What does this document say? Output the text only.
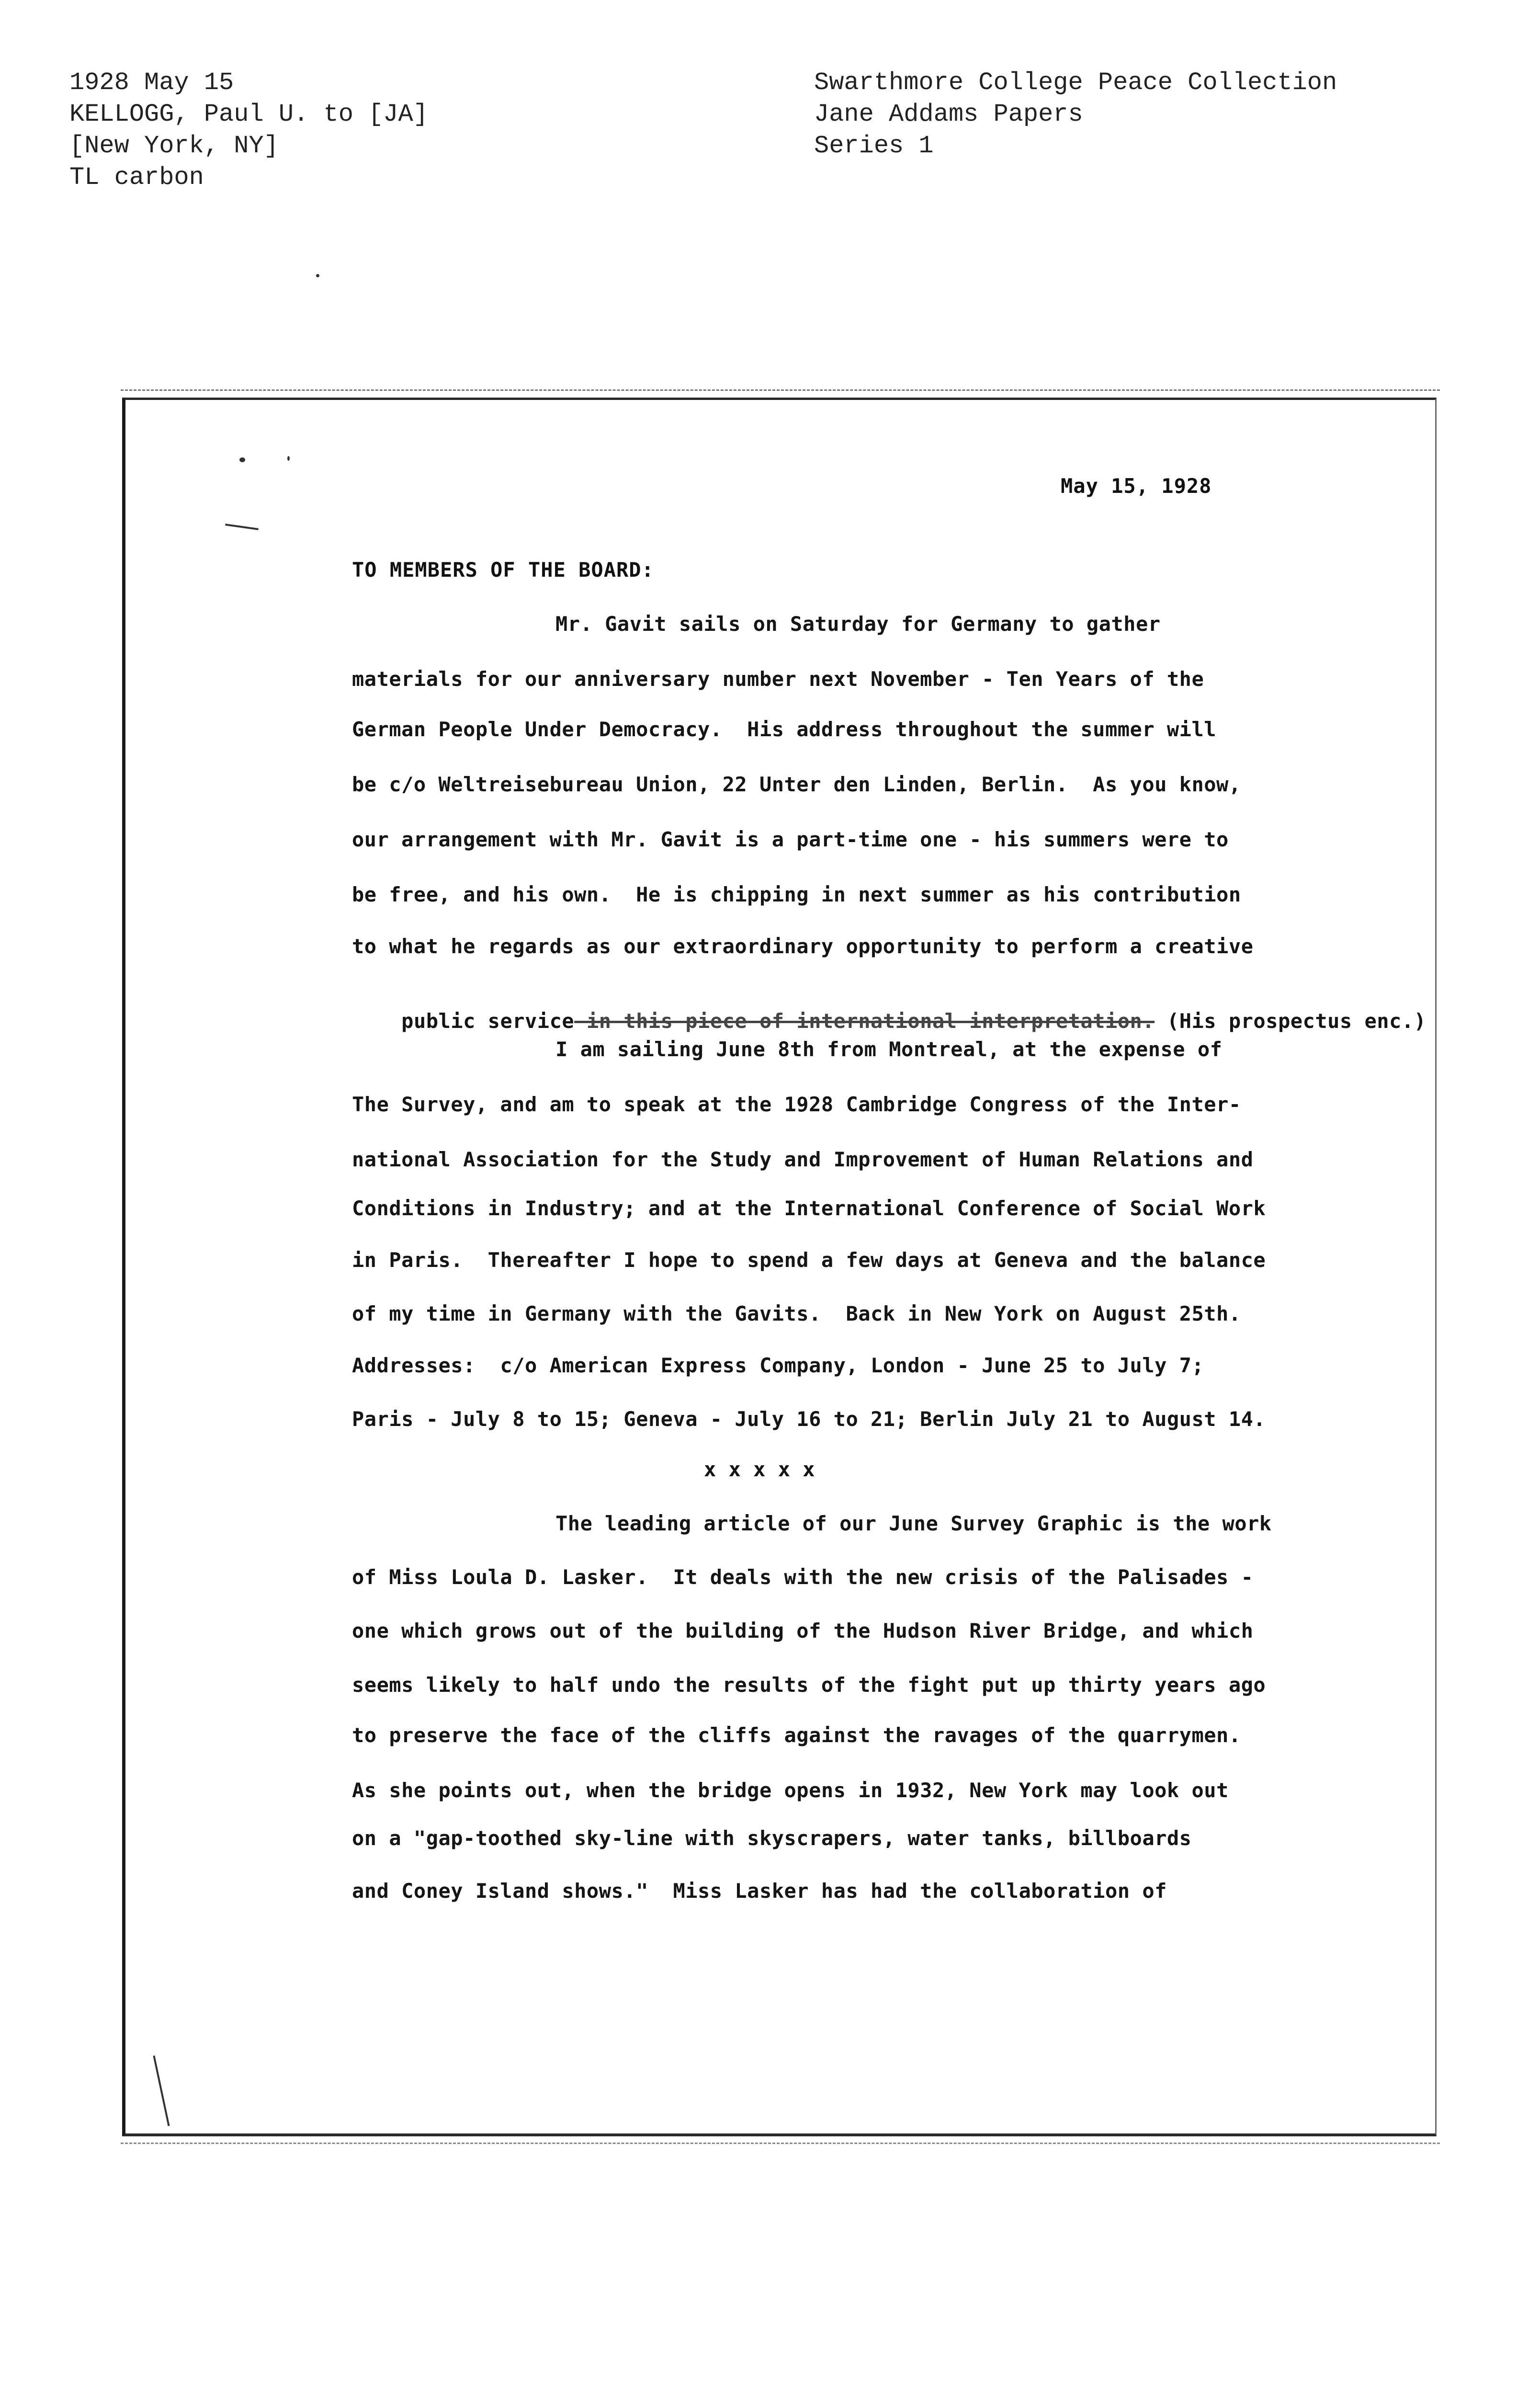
1928 May 15
KELLOGG, Paul U. to [JA]
[New York, NY]
TL carbon
Swarthmore College Peace Collection
Jane Addams Papers
Series 1
May 15, 1928
TO MEMBERS OF THE BOARD:
Mr. Gavit sails on Saturday for Germany to gather
materials for our anniversary number next November - Ten Years of the
German People Under Democracy.  His address throughout the summer will
be c/o Weltreisebureau Union, 22 Unter den Linden, Berlin.  As you know,
our arrangement with Mr. Gavit is a part-time one - his summers were to
be free, and his own.  He is chipping in next summer as his contribution
to what he regards as our extraordinary opportunity to perform a creative

public service in this piece of international interpretation. (His prospectus enc.)

I am sailing June 8th from Montreal, at the expense of
The Survey, and am to speak at the 1928 Cambridge Congress of the Inter-
national Association for the Study and Improvement of Human Relations and
Conditions in Industry; and at the International Conference of Social Work
in Paris.  Thereafter I hope to spend a few days at Geneva and the balance
of my time in Germany with the Gavits.  Back in New York on August 25th.
Addresses:  c/o American Express Company, London - June 25 to July 7;
Paris - July 8 to 15; Geneva - July 16 to 21; Berlin July 21 to August 14.
x x x x x
The leading article of our June Survey Graphic is the work
of Miss Loula D. Lasker.  It deals with the new crisis of the Palisades -
one which grows out of the building of the Hudson River Bridge, and which
seems likely to half undo the results of the fight put up thirty years ago
to preserve the face of the cliffs against the ravages of the quarrymen.
As she points out, when the bridge opens in 1932, New York may look out
on a "gap-toothed sky-line with skyscrapers, water tanks, billboards
and Coney Island shows."  Miss Lasker has had the collaboration of
